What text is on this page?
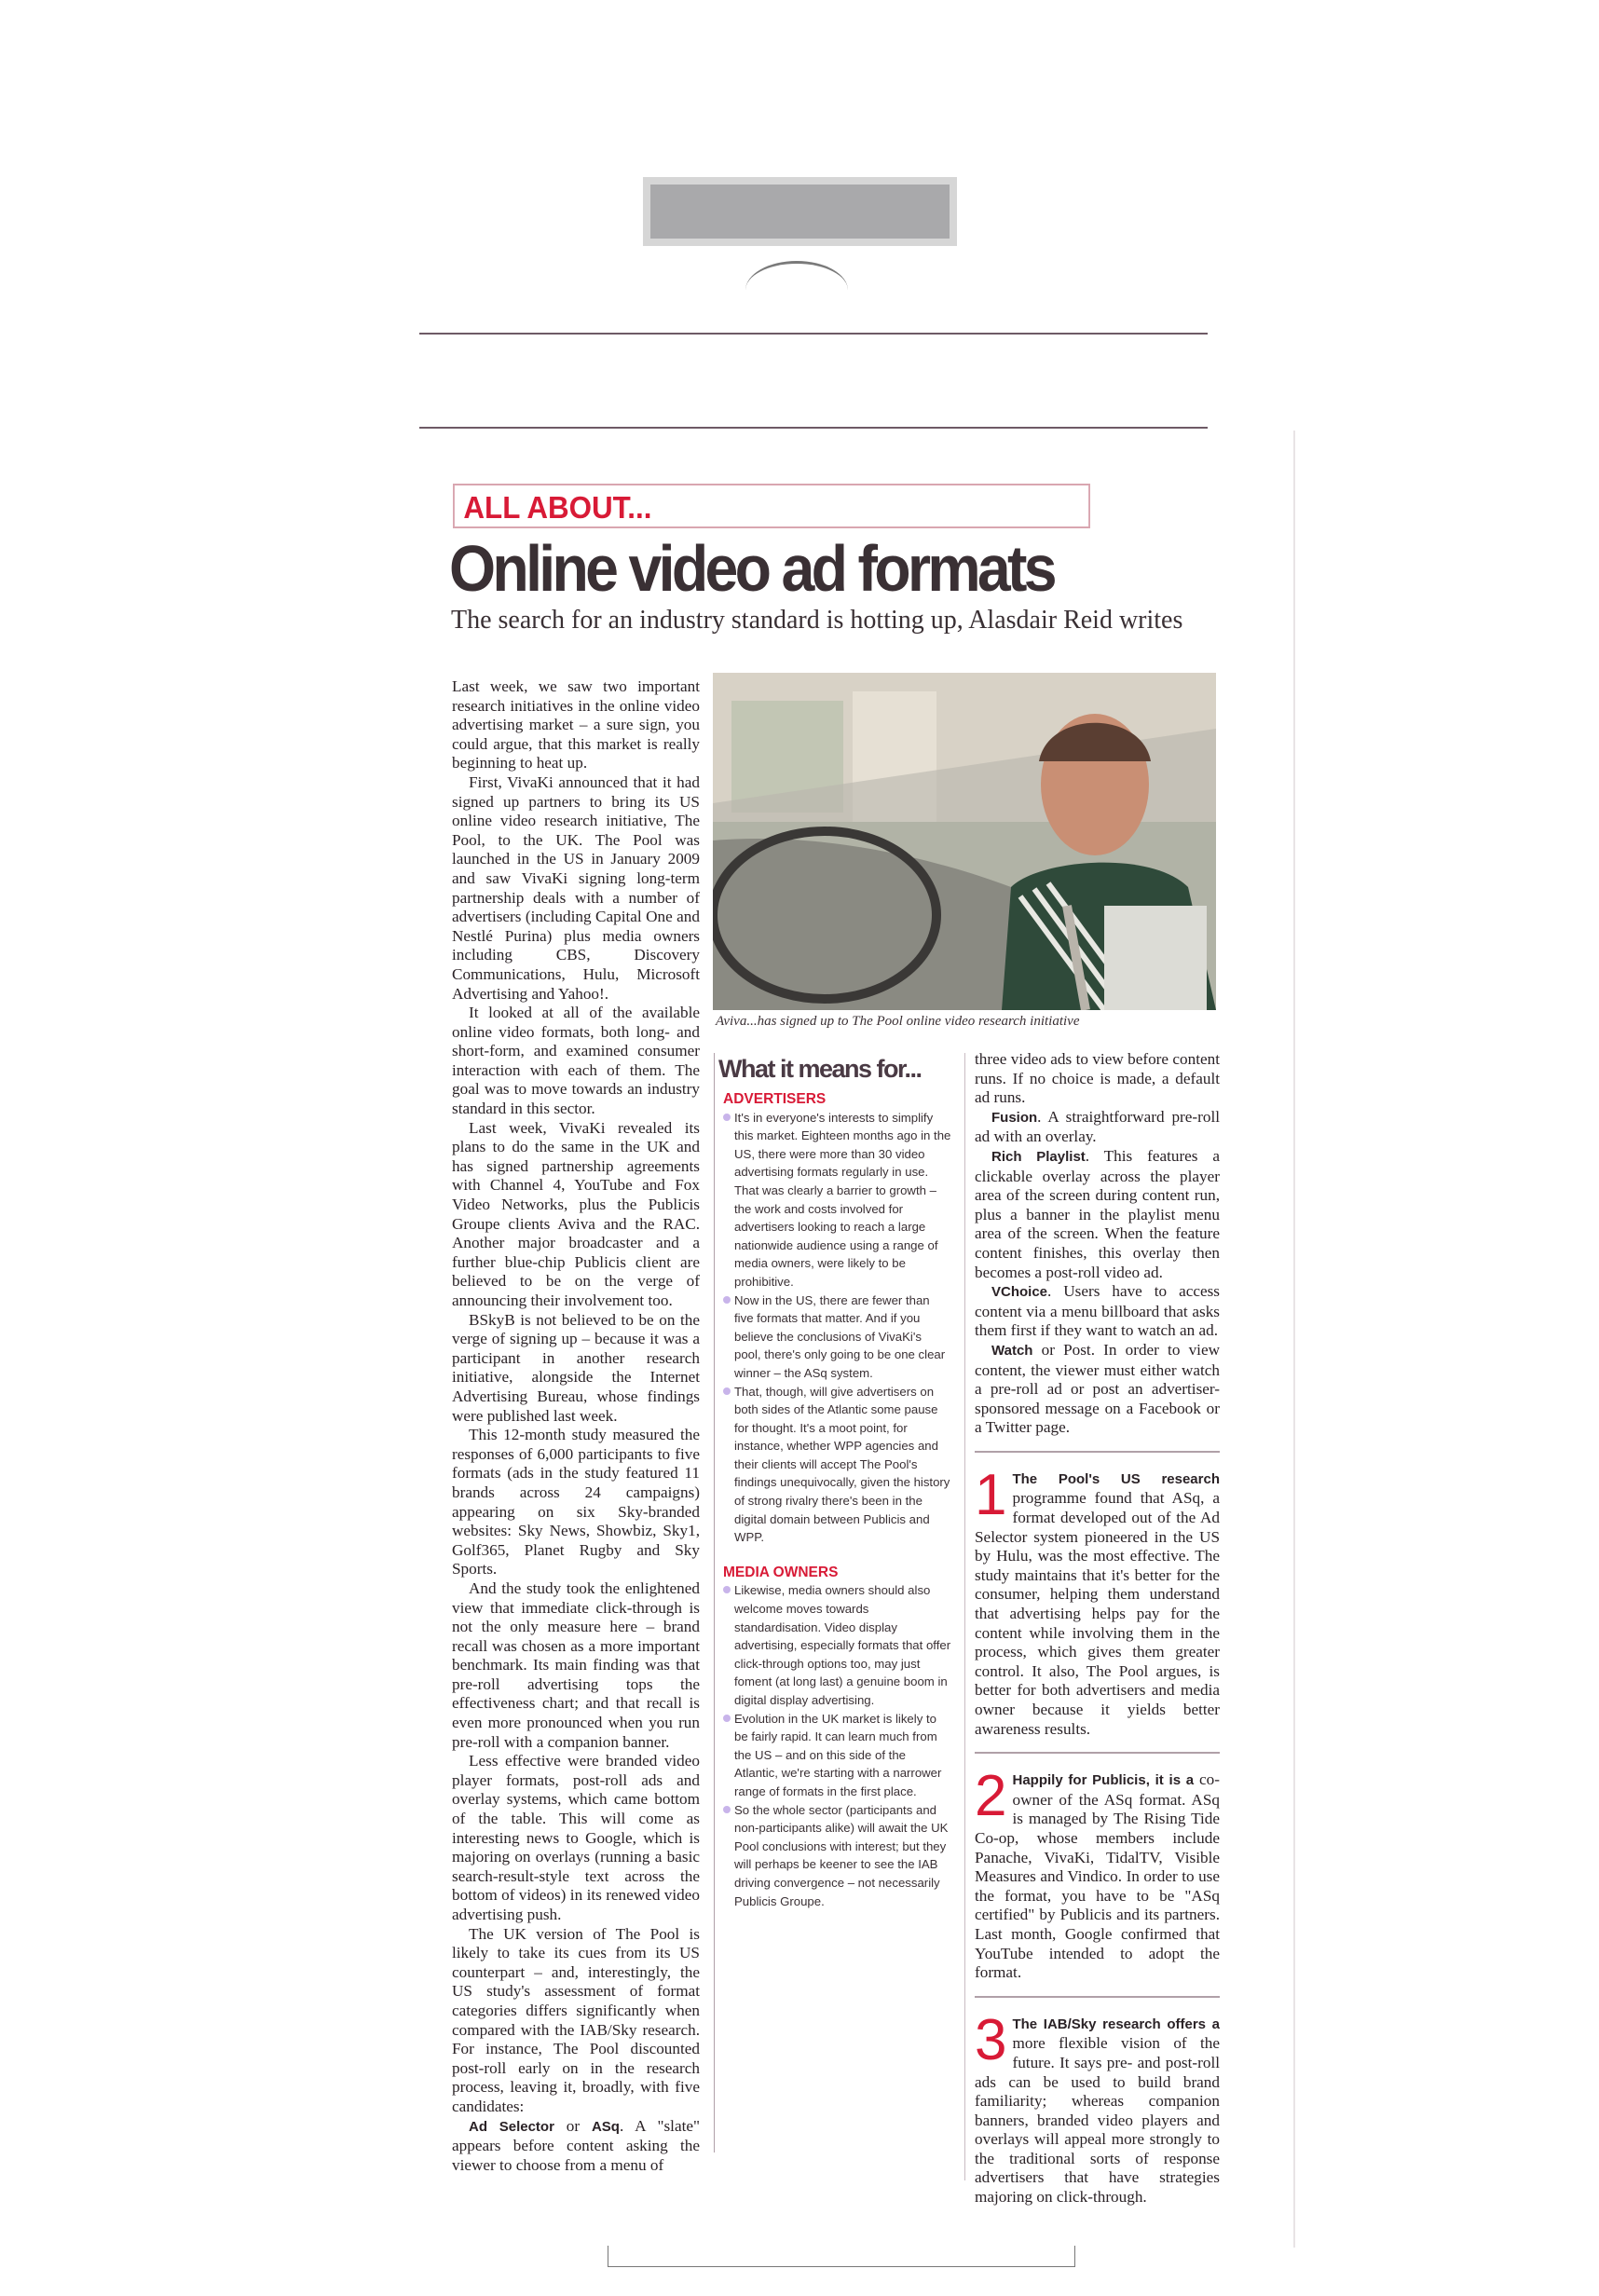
ALL ABOUT...
Online video ad formats
The search for an industry standard is hotting up, Alasdair Reid writes

Last week, we saw two important research initiatives in the online video advertising market – a sure sign, you could argue, that this market is really beginning to heat up.

First, VivaKi announced that it had signed up partners to bring its US online video research initiative, The Pool, to the UK. The Pool was launched in the US in January 2009 and saw VivaKi signing long-term partnership deals with a number of advertisers (including Capital One and Nestlé Purina) plus media owners including CBS, Discovery Communications, Hulu, Microsoft Advertising and Yahoo!.

It looked at all of the available online video formats, both long- and short-form, and examined consumer interaction with each of them. The goal was to move towards an industry standard in this sector.

Last week, VivaKi revealed its plans to do the same in the UK and has signed partnership agreements with Channel 4, YouTube and Fox Video Networks, plus the Publicis Groupe clients Aviva and the RAC. Another major broadcaster and a further blue-chip Publicis client are believed to be on the verge of announcing their involvement too.

BSkyB is not believed to be on the verge of signing up – because it was a participant in another research initiative, alongside the Internet Advertising Bureau, whose findings were published last week.

This 12-month study measured the responses of 6,000 participants to five formats (ads in the study featured 11 brands across 24 campaigns) appearing on six Sky-branded websites: Sky News, Showbiz, Sky1, Golf365, Planet Rugby and Sky Sports.

And the study took the enlightened view that immediate click-through is not the only measure here – brand recall was chosen as a more important benchmark. Its main finding was that pre-roll advertising tops the effectiveness chart; and that recall is even more pronounced when you run pre-roll with a companion banner.

Less effective were branded video player formats, post-roll ads and overlay systems, which came bottom of the table. This will come as interesting news to Google, which is majoring on overlays (running a basic search-result-style text across the bottom of videos) in its renewed video advertising push.

The UK version of The Pool is likely to take its cues from its US counterpart – and, interestingly, the US study's assessment of format categories differs significantly when compared with the IAB/Sky research. For instance, The Pool discounted post-roll early on in the research process, leaving it, broadly, with five candidates:

Ad Selector or ASq. A "slate" appears before content asking the viewer to choose from a menu of

Aviva...has signed up to The Pool online video research initiative
What it means for...
ADVERTISERS
It's in everyone's interests to simplify this market. Eighteen months ago in the US, there were more than 30 video advertising formats regularly in use. That was clearly a barrier to growth – the work and costs involved for advertisers looking to reach a large nationwide audience using a range of media owners, were likely to be prohibitive.
Now in the US, there are fewer than five formats that matter. And if you believe the conclusions of VivaKi's pool, there's only going to be one clear winner – the ASq system.
That, though, will give advertisers on both sides of the Atlantic some pause for thought. It's a moot point, for instance, whether WPP agencies and their clients will accept The Pool's findings unequivocally, given the history of strong rivalry there's been in the digital domain between Publicis and WPP.
MEDIA OWNERS
Likewise, media owners should also welcome moves towards standardisation. Video display advertising, especially formats that offer click-through options too, may just foment (at long last) a genuine boom in digital display advertising.
Evolution in the UK market is likely to be fairly rapid. It can learn much from the US – and on this side of the Atlantic, we're starting with a narrower range of formats in the first place.
So the whole sector (participants and non-participants alike) will await the UK Pool conclusions with interest; but they will perhaps be keener to see the IAB driving convergence – not necessarily Publicis Groupe.

three video ads to view before content runs. If no choice is made, a default ad runs.

Fusion. A straightforward pre-roll ad with an overlay.

Rich Playlist. This features a clickable overlay across the player area of the screen during content run, plus a banner in the playlist menu area of the screen. When the feature content finishes, this overlay then becomes a post-roll video ad.

VChoice. Users have to access content via a menu billboard that asks them first if they want to watch an ad.

Watch or Post. In order to view content, the viewer must either watch a pre-roll ad or post an advertiser-sponsored message on a Facebook or a Twitter page.

1 The Pool's US research programme found that ASq, a format developed out of the Ad Selector system pioneered in the US by Hulu, was the most effective. The study maintains that it's better for the consumer, helping them understand that advertising helps pay for the content while involving them in the process, which gives them greater control. It also, The Pool argues, is better for both advertisers and media owner because it yields better awareness results.
2 Happily for Publicis, it is a co-owner of the ASq format. ASq is managed by The Rising Tide Co-op, whose members include Panache, VivaKi, TidalTV, Visible Measures and Vindico. In order to use the format, you have to be "ASq certified" by Publicis and its partners. Last month, Google confirmed that YouTube intended to adopt the format.
3 The IAB/Sky research offers a more flexible vision of the future. It says pre- and post-roll ads can be used to build brand familiarity; whereas companion banners, branded video players and overlays will appeal more strongly to the traditional sorts of response advertisers that have strategies majoring on click-through.
